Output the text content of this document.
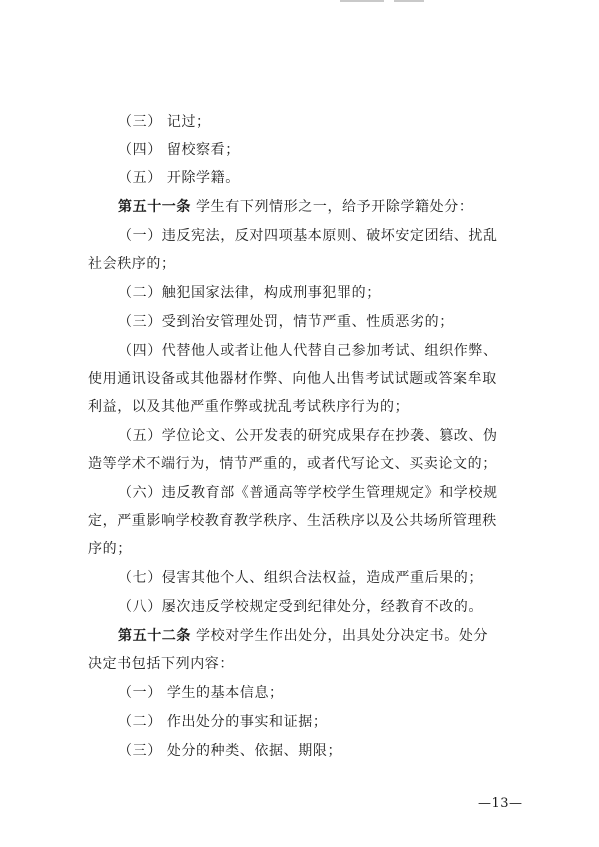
（三） 记过；
（四） 留校察看；
（五） 开除学籍。
第五十一条 学生有下列情形之一，给予开除学籍处分：
（一）违反宪法，反对四项基本原则、破坏安定团结、扰乱
社会秩序的；
（二）触犯国家法律，构成刑事犯罪的；
（三）受到治安管理处罚，情节严重、性质恶劣的；
（四）代替他人或者让他人代替自己参加考试、组织作弊、
使用通讯设备或其他器材作弊、向他人出售考试试题或答案牟取
利益，以及其他严重作弊或扰乱考试秩序行为的；
（五）学位论文、公开发表的研究成果存在抄袭、篡改、伪
造等学术不端行为，情节严重的，或者代写论文、买卖论文的；
（六）违反教育部《普通高等学校学生管理规定》和学校规
定，严重影响学校教育教学秩序、生活秩序以及公共场所管理秩
序的；
（七）侵害其他个人、组织合法权益，造成严重后果的；
（八）屡次违反学校规定受到纪律处分，经教育不改的。
第五十二条 学校对学生作出处分，出具处分决定书。处分
决定书包括下列内容：
（一） 学生的基本信息；
（二） 作出处分的事实和证据；
（三） 处分的种类、依据、期限；
—13—
